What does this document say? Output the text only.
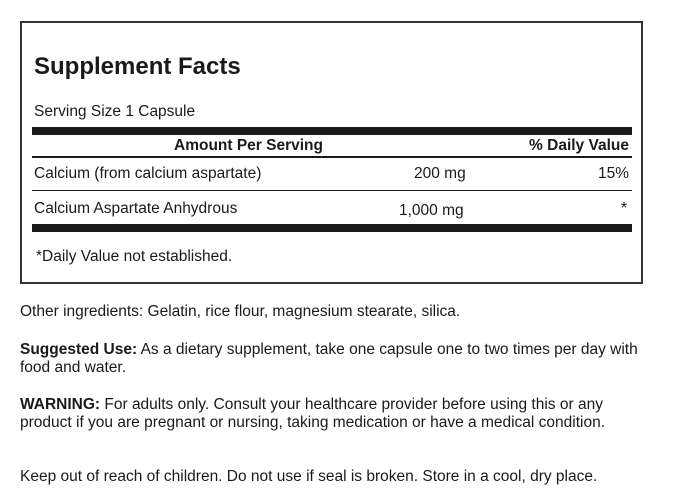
Supplement Facts
Serving Size 1 Capsule
Amount Per Serving	% Daily Value
Calcium (from calcium aspartate)	200 mg	15%
Calcium Aspartate Anhydrous	1,000 mg	*
*Daily Value not established.
Other ingredients: Gelatin, rice flour, magnesium stearate, silica.
Suggested Use: As a dietary supplement, take one capsule one to two times per day with food and water.
WARNING: For adults only. Consult your healthcare provider before using this or any product if you are pregnant or nursing, taking medication or have a medical condition.
Keep out of reach of children. Do not use if seal is broken. Store in a cool, dry place.
